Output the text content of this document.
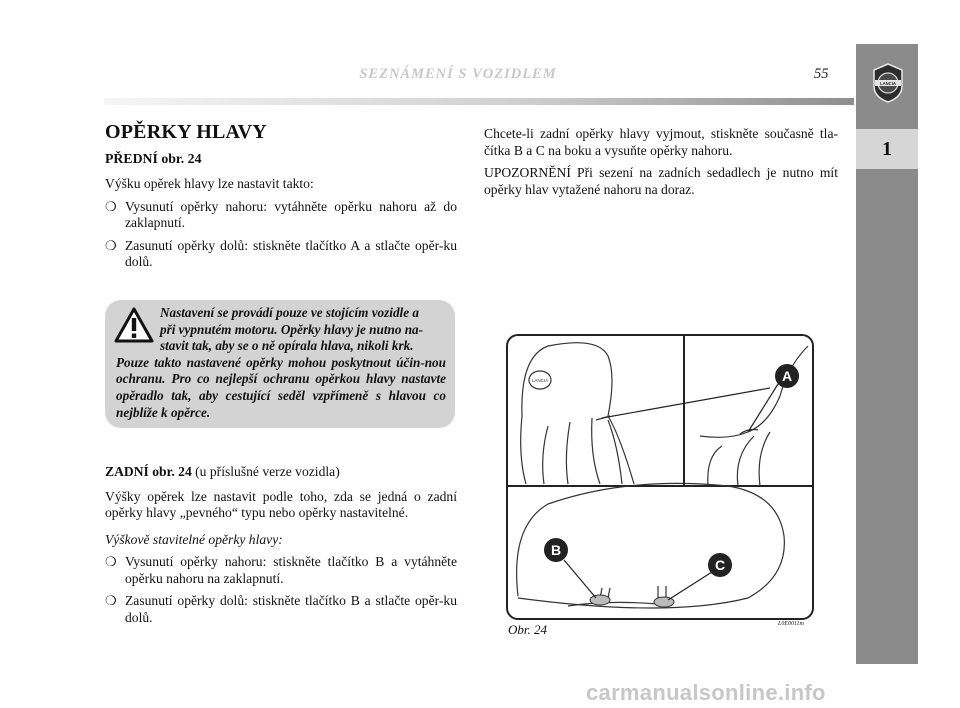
SEZNÁMENÍ S VOZIDLEM	55
LANCIA
1
OPĚRKY HLAVY
PŘEDNÍ obr. 24

Výšku opěrek hlavy lze nastavit takto:

❍ Vysunutí opěrky nahoru: vytáhněte opěrku nahoru až do zaklapnutí.
❍ Zasunutí opěrky dolů: stiskněte tlačítko A a stlačte opěr-ku dolů.
Nastavení se provádí pouze ve stojícím vozidle a
při vypnutém motoru. Opěrky hlavy je nutno na-
stavit tak, aby se o ně opírala hlava, nikoli krk.
Pouze takto nastavené opěrky mohou poskytnout účin-nou ochranu. Pro co nejlepší ochranu opěrkou hlavy nastavte opěradlo tak, aby cestující seděl vzpřímeně s hlavou co nejblíže k opěrce.

ZADNÍ obr. 24 (u příslušné verze vozidla)

Výšky opěrek lze nastavit podle toho, zda se jedná o zadní opěrky hlavy „pevného“ typu nebo opěrky nastavitelné.

Výškově stavitelné opěrky hlavy:

❍ Vysunutí opěrky nahoru: stiskněte tlačítko B a vytáhněte opěrku nahoru na zaklapnutí.
❍ Zasunutí opěrky dolů: stiskněte tlačítko B a stlačte opěr-ku dolů.

Chcete-li zadní opěrky hlavy vyjmout, stiskněte současně tla-čítka B a C na boku a vysuňte opěrky nahoru.

UPOZORNĚNÍ Při sezení na zadních sedadlech je nutno mít opěrky hlav vytažené nahoru na doraz.

LANCIA	A
B
C
Obr. 24	L0E0011m
carmanualsonline.info
